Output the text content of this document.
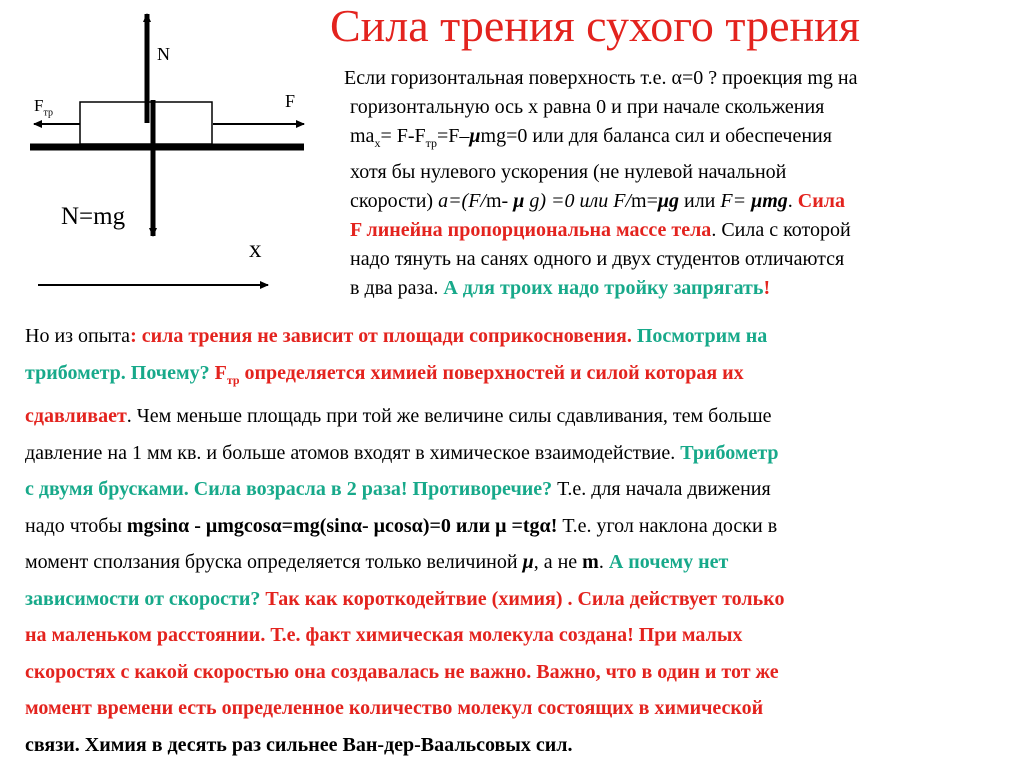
Сила трения сухого трения
N
F
$F_{тр}$
N=mg
x
Если горизонтальная поверхность т.е. α=0 ? проекция mg на
горизонтальную ось х равна 0 и при начале скольжения
$ma_x= F-F_{тр}=F-\mu mg=0$ или для баланса сил и обеспечения
хотя бы нулевого ускорения (не нулевой начальной
скорости) a=(F/m- μ g) =0 или F/m=μg или F= μmg. Сила
F линейна пропорциональна массе тела. Сила с которой
надо тянуть на санях одного и двух студентов отличаются
в два раза. А для троих надо тройку запрягать!
Но из опыта: сила трения не зависит от площади соприкосновения. Посмотрим на
трибометр. Почему? $F_{тр}$ определяется химией поверхностей и силой которая их
сдавливает. Чем меньше площадь при той же величине силы сдавливания, тем больше
давление на 1 мм кв. и больше атомов входят в химическое взаимодействие. Трибометр
с двумя брусками. Сила возрасла в 2 раза! Противоречие? Т.е. для начала движения
надо чтобы mgsinα - μmgcosα=mg(sinα- μcosα)=0 или μ =tgα! Т.е. угол наклона доски в
момент сползания бруска определяется только величиной μ, а не m. А почему нет
зависимости от скорости? Так как короткодейтвие (химия) . Сила действует только
на маленьком расстоянии. Т.е. факт химическая молекула создана! При малых
скоростях с какой скоростью она создавалась не важно. Важно, что в один и тот же
момент времени есть определенное количество молекул состоящих в химической
связи. Химия в десять раз сильнее Ван-дер-Ваальсовых сил.
